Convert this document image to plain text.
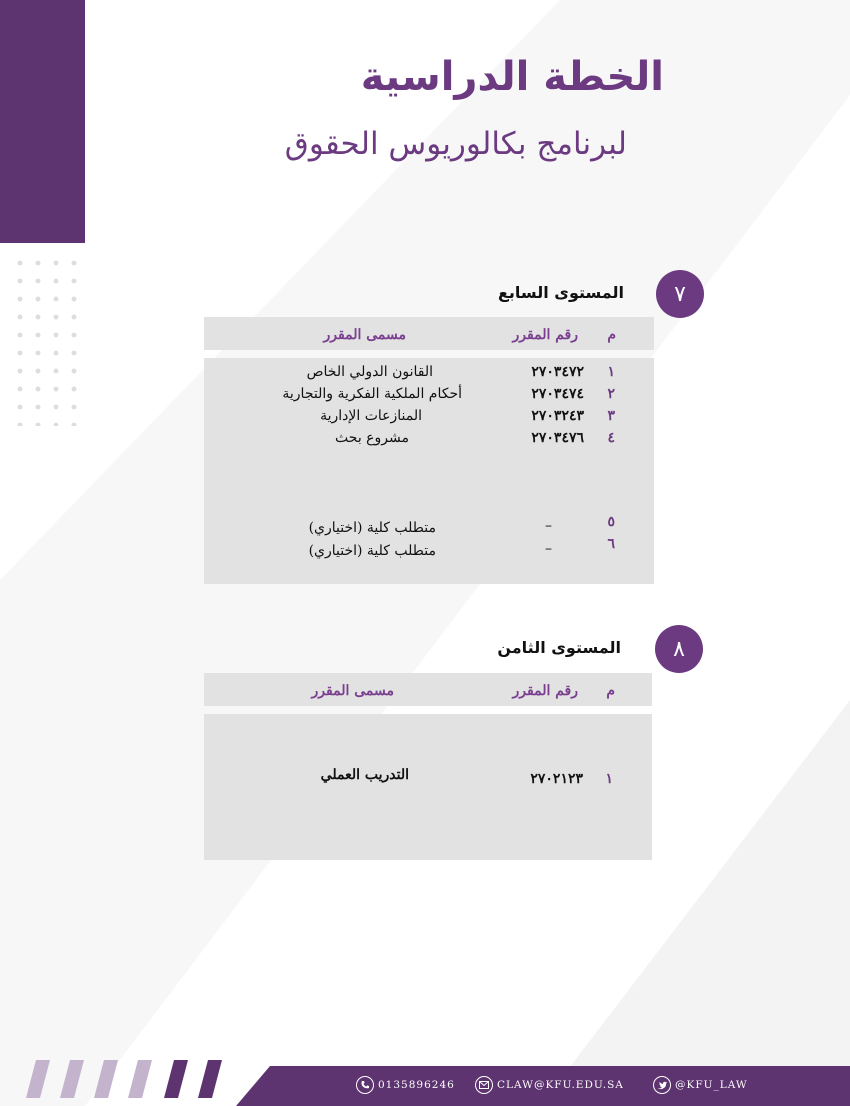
الخطة الدراسية
لبرنامج بكالوريوس الحقوق
٧
المستوى السابع
م
رقم المقرر
مسمى المقرر
١
٢٧٠٣٤٧٢
القانون الدولي الخاص
٢
٢٧٠٣٤٧٤
أحكام الملكية الفكرية والتجارية
٣
٢٧٠٣٢٤٣
المنازعات الإدارية
٤
٢٧٠٣٤٧٦
مشروع بحث
٥
–
متطلب كلية (اختياري)
٦
–
متطلب كلية (اختياري)
٨
المستوى الثامن
م
رقم المقرر
مسمى المقرر
١
٢٧٠٢١٢٣
التدريب العملي
0135896246	CLAW@KFU.EDU.SA	@KFU_LAW
